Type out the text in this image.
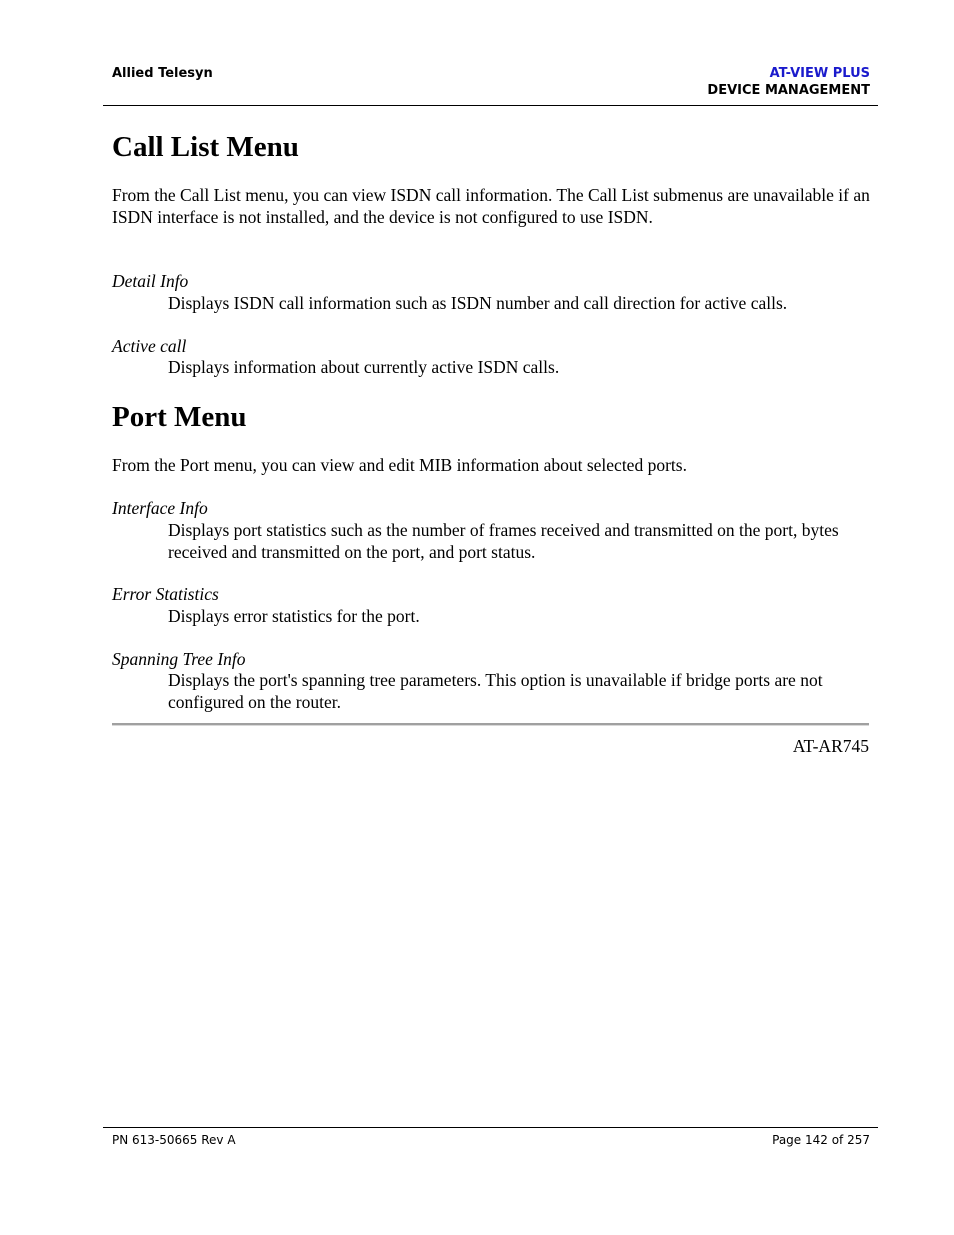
Allied Telesyn	AT-VIEW PLUS
DEVICE MANAGEMENT
Call List Menu

From the Call List menu, you can view ISDN call information. The Call List submenus are unavailable if an ISDN interface is not installed, and the device is not configured to use ISDN.

Detail Info

Displays ISDN call information such as ISDN number and call direction for active calls.

Active call

Displays information about currently active ISDN calls.

Port Menu

From the Port menu, you can view and edit MIB information about selected ports.

Interface Info

Displays port statistics such as the number of frames received and transmitted on the port, bytes received and transmitted on the port, and port status.

Error Statistics

Displays error statistics for the port.

Spanning Tree Info

Displays the port's spanning tree parameters. This option is unavailable if bridge ports are not configured on the router.

AT-AR745
PN 613-50665 Rev A	Page 142 of 257
